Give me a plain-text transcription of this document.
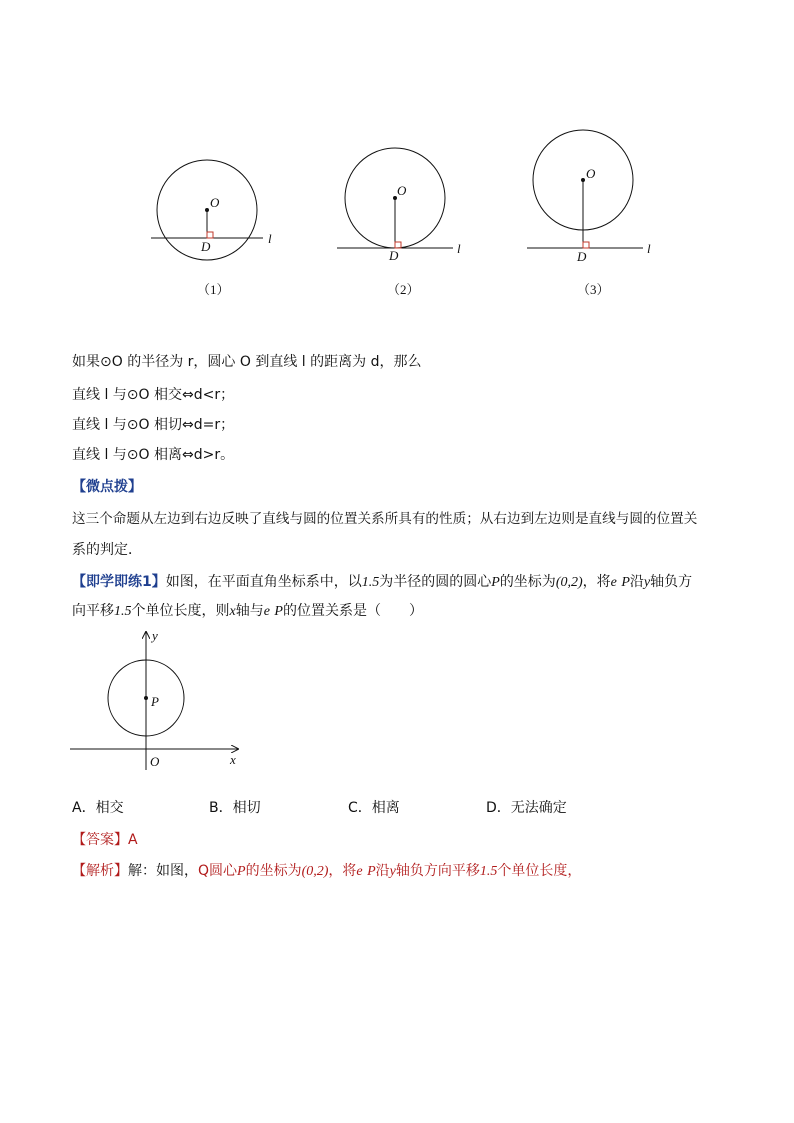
O
D
l
（1）
O
D	l
（2）
O
D
l
（3）
如果⊙O 的半径为 r，圆心 O 到直线 l 的距离为 d，那么
直线 l 与⊙O 相交⇔d<r；
直线 l 与⊙O 相切⇔d=r；
直线 l 与⊙O 相离⇔d>r。
【微点拨】
这三个命题从左边到右边反映了直线与圆的位置关系所具有的性质；从右边到左边则是直线与圆的位置关
系的判定．
【即学即练1】如图，在平面直角坐标系中，以1.5为半径的圆的圆心P的坐标为(0,2)，将e P沿y轴负方
向平移1.5个单位长度，则x轴与e P的位置关系是（　　）
y
x
O
P
A．相交	B．相切	C．相离	D．无法确定
【答案】A
【解析】解：如图，Q圆心P的坐标为(0,2)，将e P沿y轴负方向平移1.5个单位长度，
